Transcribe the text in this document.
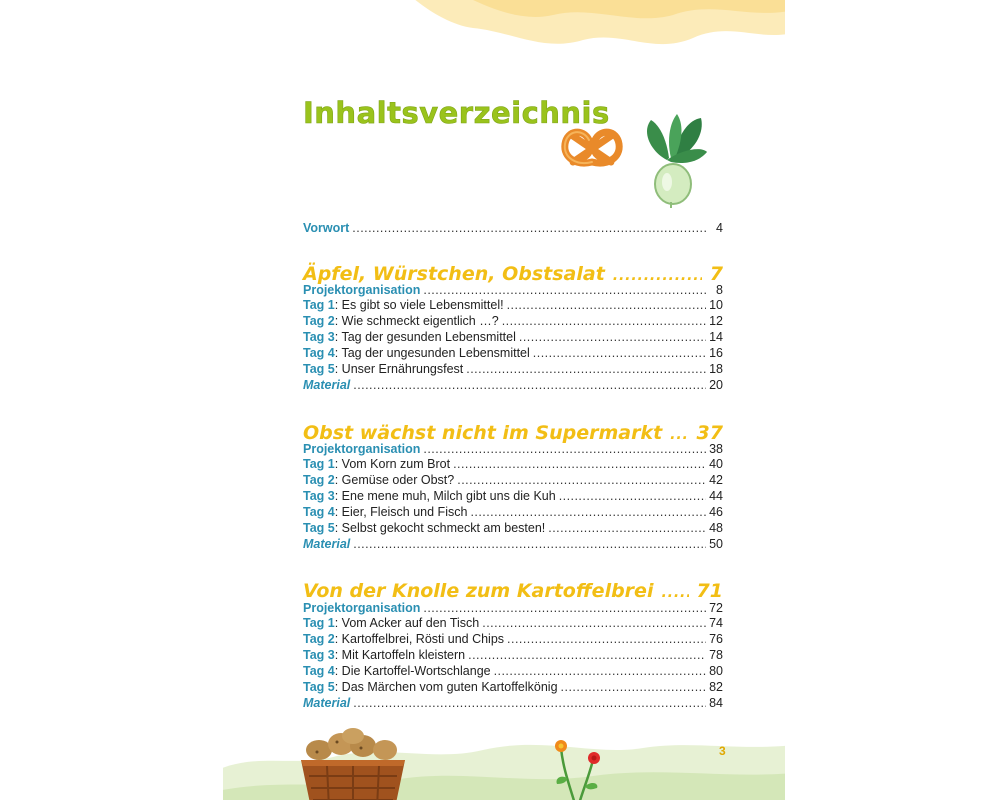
Inhaltsverzeichnis
Vorwort . . .	4
Äpfel, Würstchen, Obstsalat . . .	7
Projektorganisation . . .	8
Tag 1 : Es gibt so viele Lebensmittel! . . .	10
Tag 2 : Wie schmeckt eigentlich …? . . .	12
Tag 3 : Tag der gesunden Lebensmittel . . .	14
Tag 4 : Tag der ungesunden Lebensmittel . . .	16
Tag 5 : Unser Ernährungsfest . . .	18
Material . . .	20
Obst wächst nicht im Supermarkt . . . 37
Projektorganisation . . .	38
Tag 1 : Vom Korn zum Brot . . .	40
Tag 2 : Gemüse oder Obst? . . .	42
Tag 3 : Ene mene muh, Milch gibt uns die Kuh . . .	44
Tag 4 : Eier, Fleisch und Fisch . . .	46
Tag 5 : Selbst gekocht schmeckt am besten! . . .	48
Material . . .	50
Von der Knolle zum Kartoffelbrei . . . 71
Projektorganisation . . .	72
Tag 1 : Vom Acker auf den Tisch . . .	74
Tag 2 : Kartoffelbrei, Rösti und Chips . . .	76
Tag 3 : Mit Kartoffeln kleistern . . .	78
Tag 4 : Die Kartoffel-Wortschlange . . .	80
Tag 5 : Das Märchen vom guten Kartoffelkönig . . .	82
Material . . .	84
3
